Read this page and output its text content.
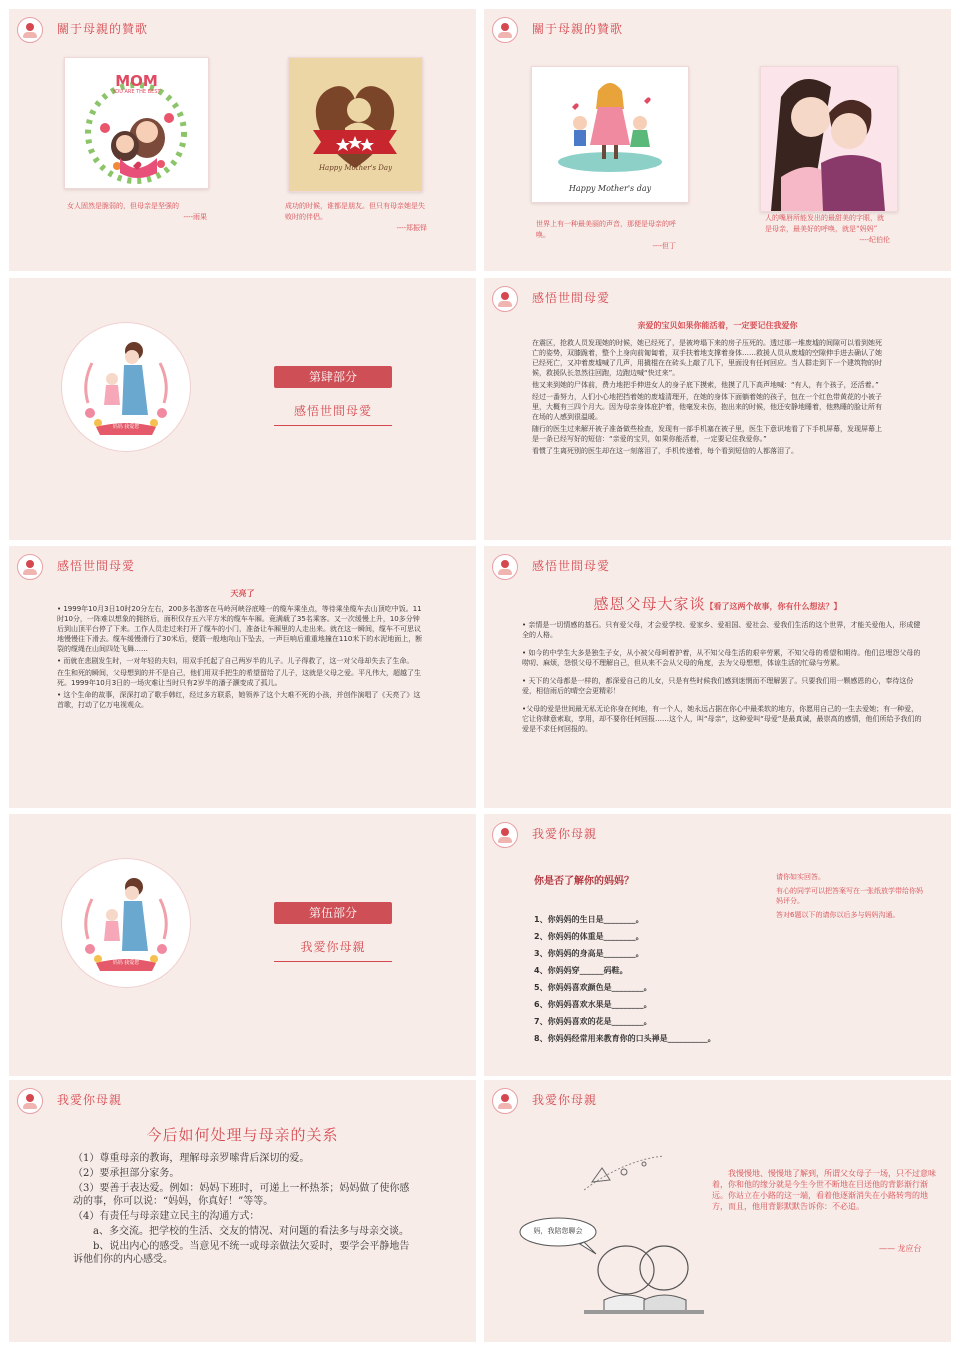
關于母親的贊歌
MOM
YOU ARE THE BEST
Happy Mother's Day
女人固然是脆弱的，但母亲是坚强的
----雨果
成功的时候，谁都是朋友。但只有母亲她是失败时的伴侣。
----郑振铎
關于母親的贊歌
Happy Mother's day
世界上有一种最美丽的声音，那便是母亲的呼唤。
----但丁
人的嘴唇所能发出的最甜美的字眼，就是母亲，最美好的呼唤，就是“妈妈”
----纪伯伦
妈妈 我爱您
第肆部分
感悟世間母愛
感悟世間母愛
亲爱的宝贝如果你能活着，一定要记住我爱你

在震区，抢救人员发现她的时候，她已经死了，是被垮塌下来的房子压死的。透过那一堆废墟的间隙可以看到她死亡的姿势，双膝跪着，整个上身向前匍匐着，双手扶着地支撑着身体……救援人员从废墟的空隙伸手进去确认了她已经死亡，又冲着废墟喊了几声，用撬棍在在砖头上敲了几下，里面没有任何回应。当人群走到下一个建筑物的时候，救援队长忽然往回跑，边跑边喊“快过来”。

他又来到她的尸体前，费力地把手伸进女人的身子底下摸索，他摸了几下高声地喊：“有人，有个孩子，还活着。”

经过一番努力，人们小心地把挡着她的废墟清理开，在她的身体下面躺着她的孩子，包在一个红色带黄花的小被子里，大概有三四个月大。因为母亲身体庇护着，他毫发未伤，抱出来的时候，他还安静地睡着，他熟睡的脸让所有在场的人感到很温暖。

随行的医生过来解开被子准备做些检查，发现有一部手机塞在被子里，医生下意识地看了下手机屏幕，发现屏幕上是一条已经写好的短信：“亲爱的宝贝，如果你能活着，一定要记住我爱你。”

看惯了生离死别的医生却在这一刻落泪了，手机传递着，每个看到短信的人都落泪了。

感悟世間母愛
天亮了

• 1999年10月3日10时20分左右，200多名游客在马岭河峡谷底唯一的缆车乘坐点，等待乘坐缆车去山顶吃中饭。11时10分，一阵难以想象的拥挤后，面积仅存五六平方米的缆车车厢。竟满载了35名乘客。又一次缓慢上升，10多分钟后到山顶平台停了下来。工作人员走过来打开了缆车的小门，准备让车厢里的人走出来。就在这一瞬间，缆车不可思议地慢慢往下滑去。缆车缓慢滑行了30米后，便箭一般地向山下坠去，一声巨响后重重地撞在110米下的水泥地面上，断裂的缆绳在山间四处飞舞……

• 而就在悲剧发生时，一对年轻的夫妇，用双手托起了自己两岁半的儿子。儿子得救了，这一对父母却失去了生命。

在生和死的瞬间，父母想到的并不是自己，他们用双手把生的希望留给了儿子，这就是父母之爱。平凡伟大，超越了生死。1999年10月3日的一场灾难让当时只有2岁半的潘子灏变成了孤儿。

• 这个生命的故事，深深打动了歌手韩红，经过多方联系，她领养了这个大难不死的小孩，并创作演唱了《天亮了》这首歌，打动了亿万电视观众。

感悟世間母愛
感恩父母大家谈【看了这两个故事，你有什么想法？】

• 亲情是一切情感的基石。只有爱父母，才会爱学校、爱家乡、爱祖国、爱社会、爱我们生活的这个世界，才能关爱他人，形成健全的人格。

• 如今的中学生大多是独生子女，从小被父母呵着护着，从不知父母生活的艰辛劳累，不知父母的希望和期待。他们总埋怨父母的唠叨、麻烦，怨恨父母不理解自己，但从来不会从父母的角度，去为父母想想，体谅生活的忙碌与劳累。

• 天下的父母都是一样的，都深爱自己的儿女，只是有些时候我们感到迷惘而不理解罢了。只要我们用一颗感恩的心，奉待这份爱，相信雨后的晴空会更精彩！

•父母的爱是世间最无私无论你身在何地，有一个人，她永远占据在你心中最柔软的地方，你愿用自己的一生去爱她；有一种爱，它让你肆意索取，享用，却不要你任何回报……这个人，叫“母亲”，这种爱叫“母爱”是最真诚，最崇高的感情，他们所给予我们的爱是不求任何回报的。

妈妈 我爱您
第伍部分
我愛你母親
我愛你母親
你是否了解你的妈妈？
1、你妈妈的生日是________。
2、你妈妈的体重是________。
3、你妈妈的身高是________。
4、你妈妈穿______码鞋。
5、你妈妈喜欢颜色是________。
6、你妈妈喜欢水果是________。
7、你妈妈喜欢的花是________。
8、你妈妈经常用来教育你的口头禅是__________。

请你如实回答。

有心的同学可以把答案写在一张纸放学带给你妈妈评分。

答对6题以下的请你以后多与妈妈沟通。

我愛你母親
今后如何处理与母亲的关系

（1）尊重母亲的教诲，理解母亲罗嗦背后深切的爱。

（2）要承担部分家务。

（3）要善于表达爱。例如：妈妈下班时，可递上一杯热茶；妈妈做了使你感动的事，你可以说：“妈妈，你真好！”等等。

（4）有责任与母亲建立民主的沟通方式：

a、多交流。把学校的生活、交友的情况、对问题的看法多与母亲交谈。

b、说出内心的感受。当意见不统一或母亲做法欠妥时，要学会平静地告诉他们你的内心感受。

我愛你母親
妈，我陪您聊会
我慢慢地、慢慢地了解到，所谓父女母子一场，只不过意味着，你和他的缘分就是今生今世不断地在目送他的背影渐行渐远。你站立在小路的这一端，看着他逐渐消失在小路转弯的地方，而且，他用背影默默告诉你：不必追。
—— 龙应台
